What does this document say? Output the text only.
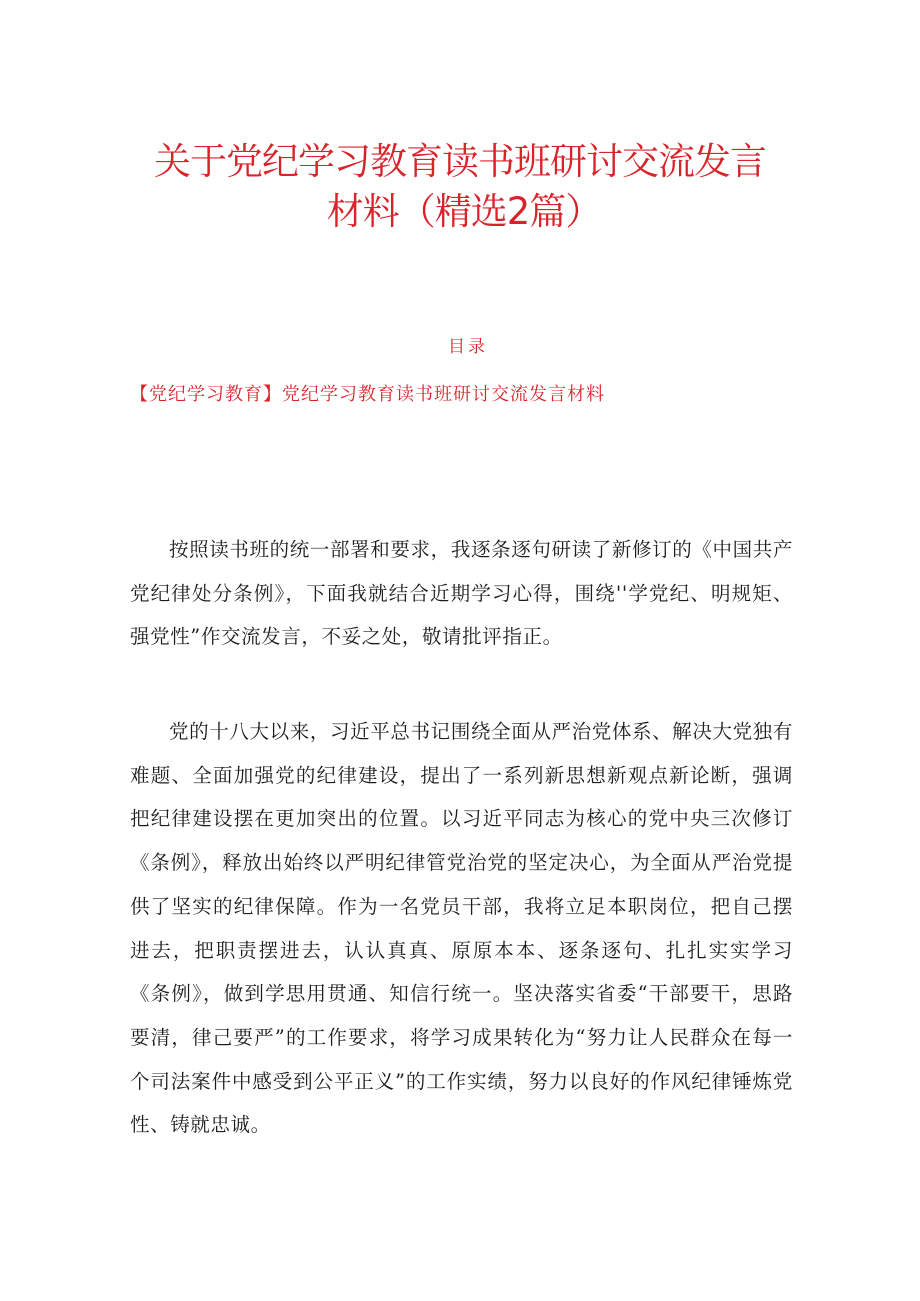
关于党纪学习教育读书班研讨交流发言
材料（精选2篇）
目录
【党纪学习教育】党纪学习教育读书班研讨交流发言材料

按照读书班的统一部署和要求，我逐条逐句研读了新修订的《中国共产党纪律处分条例》，下面我就结合近期学习心得，围绕''学党纪、明规矩、强党性”作交流发言，不妥之处，敬请批评指正。

党的十八大以来，习近平总书记围绕全面从严治党体系、解决大党独有难题、全面加强党的纪律建设，提出了一系列新思想新观点新论断，强调把纪律建设摆在更加突出的位置。以习近平同志为核心的党中央三次修订《条例》，释放出始终以严明纪律管党治党的坚定决心，为全面从严治党提供了坚实的纪律保障。作为一名党员干部，我将立足本职岗位，把自己摆进去，把职责摆进去，认认真真、原原本本、逐条逐句、扎扎实实学习《条例》，做到学思用贯通、知信行统一。坚决落实省委“干部要干，思路要清，律己要严”的工作要求，将学习成果转化为“努力让人民群众在每一个司法案件中感受到公平正义”的工作实绩，努力以良好的作风纪律锤炼党性、铸就忠诚。
